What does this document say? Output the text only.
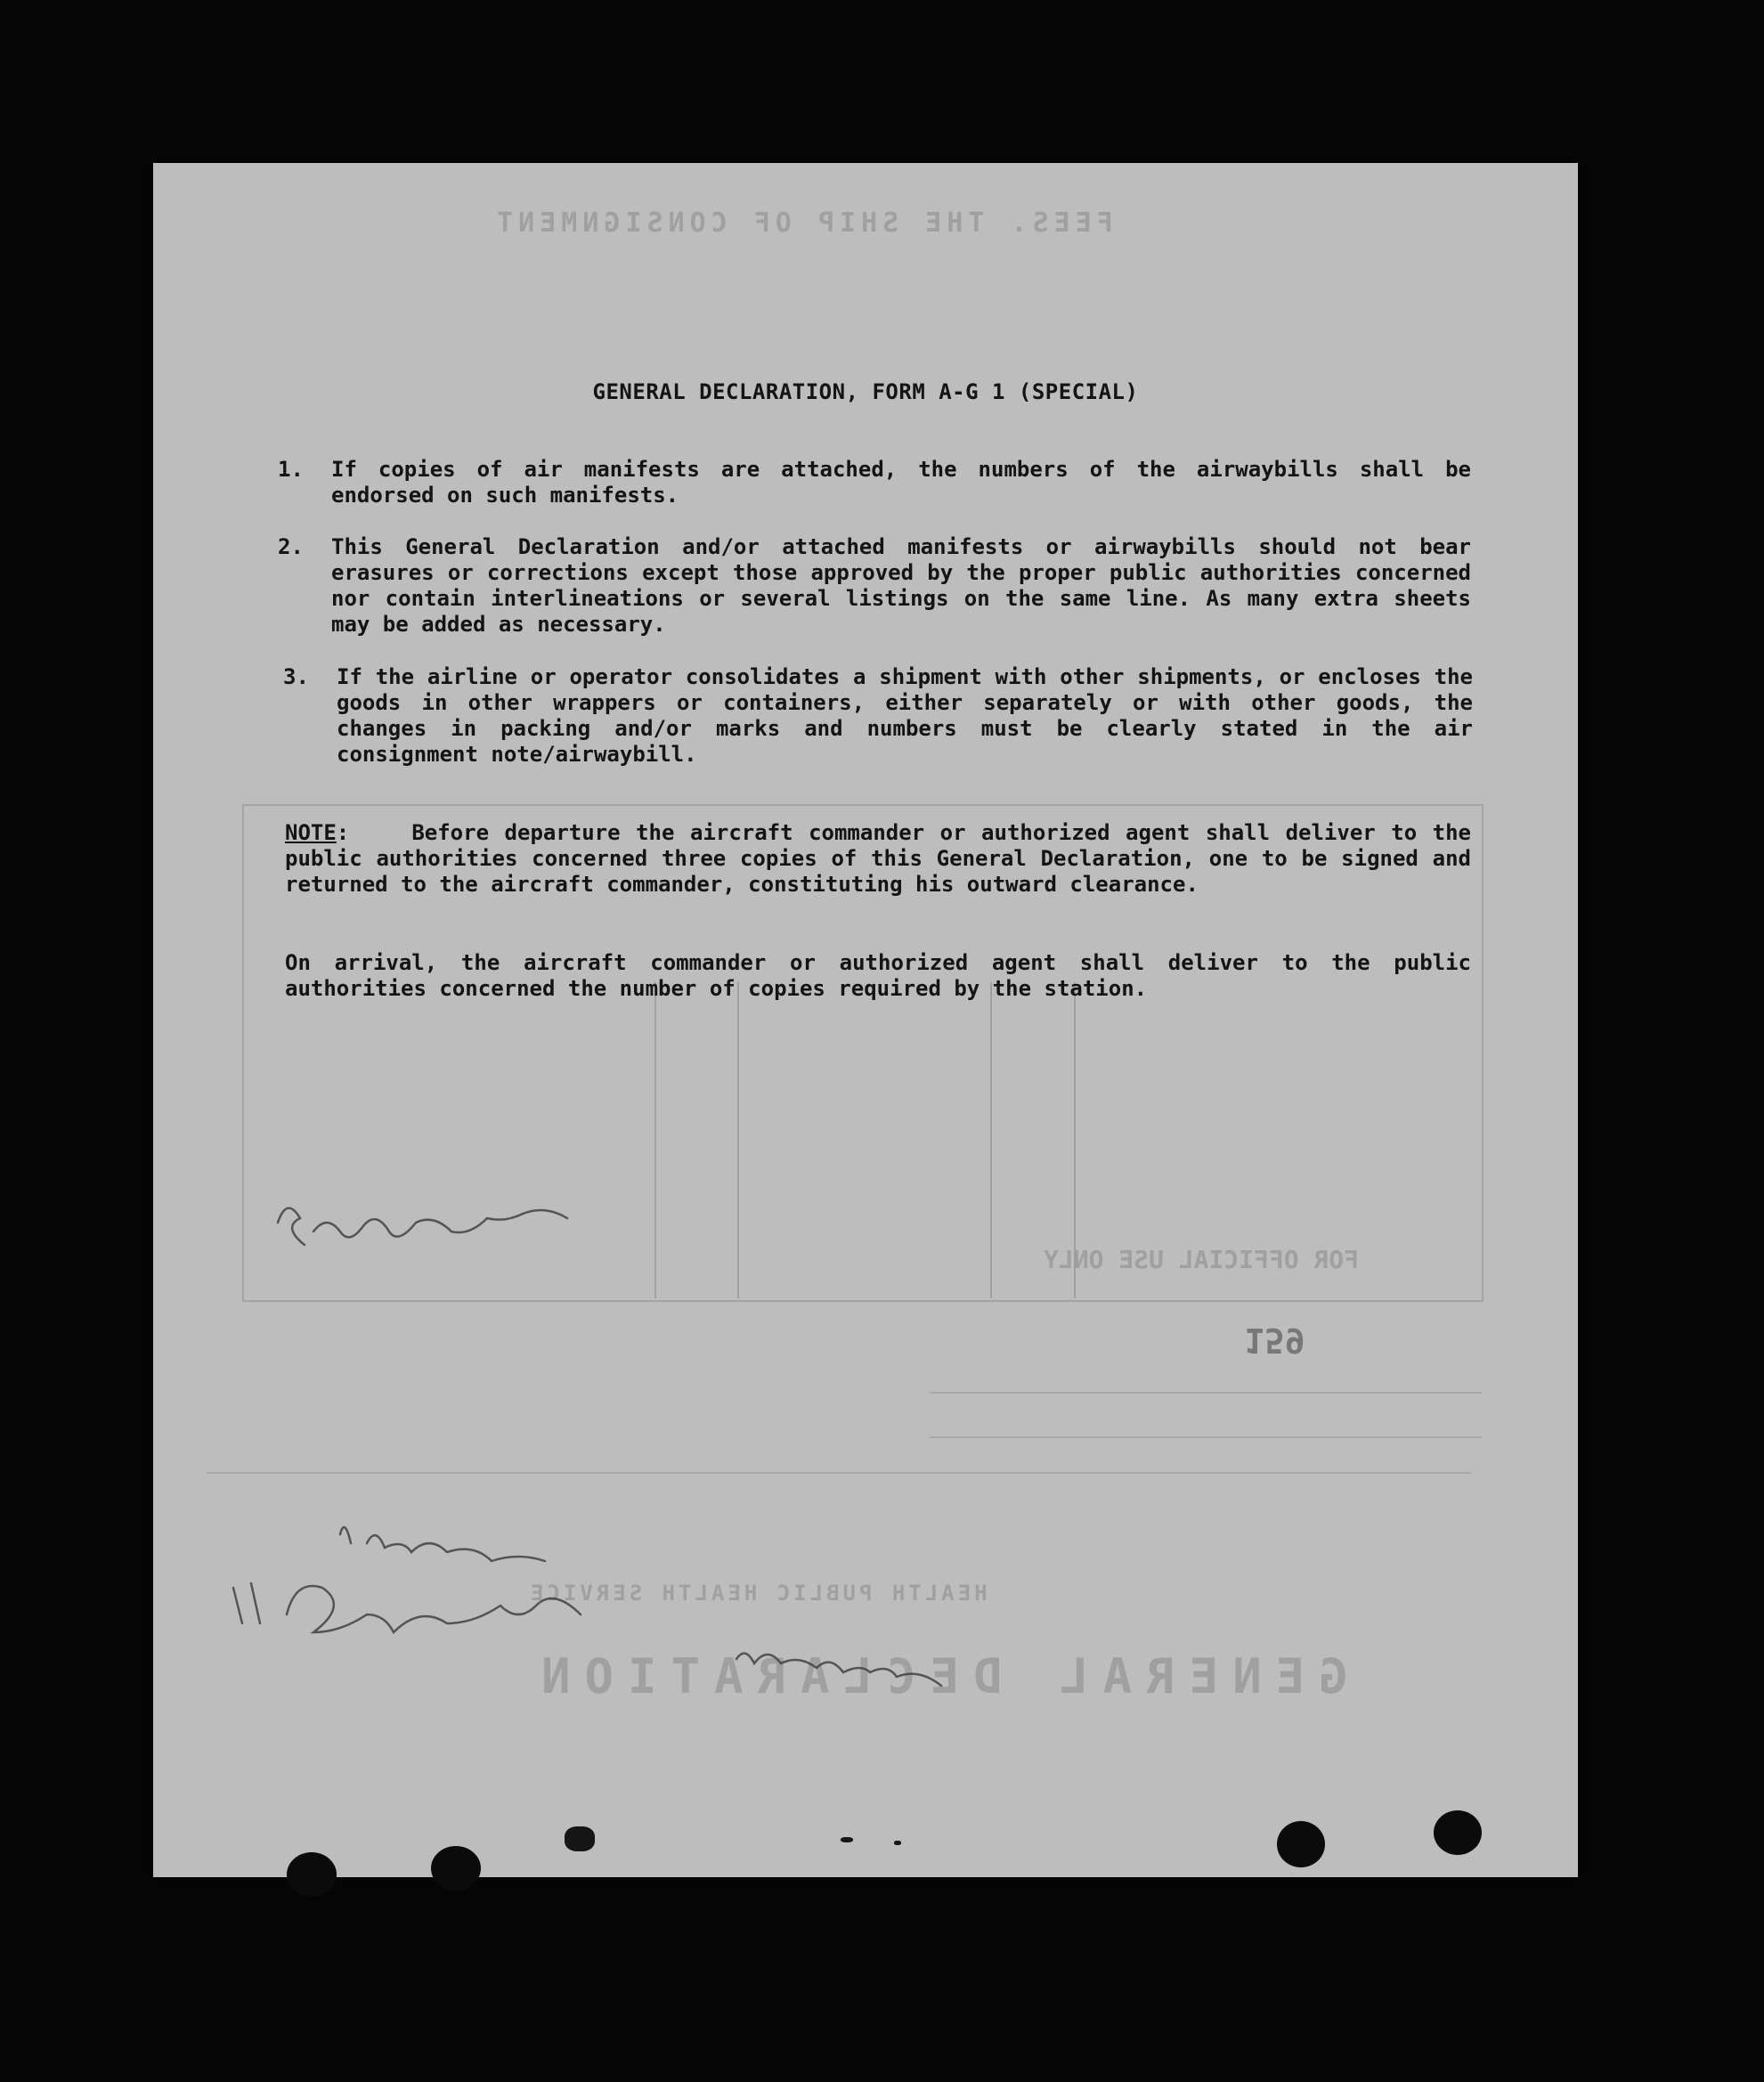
FEES. THE SHIP OF CONSIGNMENT
FOR OFFICIAL USE ONLY
159
HEALTH PUBLIC HEALTH SERVICE
GENERAL DECLARATION
GENERAL DECLARATION, FORM A-G 1 (SPECIAL)
1.	If copies of air manifests are attached, the numbers of the airwaybills shall be endorsed on such manifests.
2.	This General Declaration and/or attached manifests or airwaybills should not bear erasures or corrections except those approved by the proper public authorities concerned nor contain interlineations or several listings on the same line. As many extra sheets may be added as necessary.
3.	If the airline or operator consolidates a shipment with other shipments, or encloses the goods in other wrappers or containers, either separately or with other goods, the changes in packing and/or marks and numbers must be clearly stated in the air consignment note/airwaybill.
NOTE:    Before departure the aircraft commander or authorized agent shall deliver to the public authorities concerned three copies of this General Declaration, one to be signed and returned to the aircraft commander, constituting his outward clearance.
On arrival, the aircraft commander or authorized agent shall deliver to the public authorities concerned the number of copies required by the station.
